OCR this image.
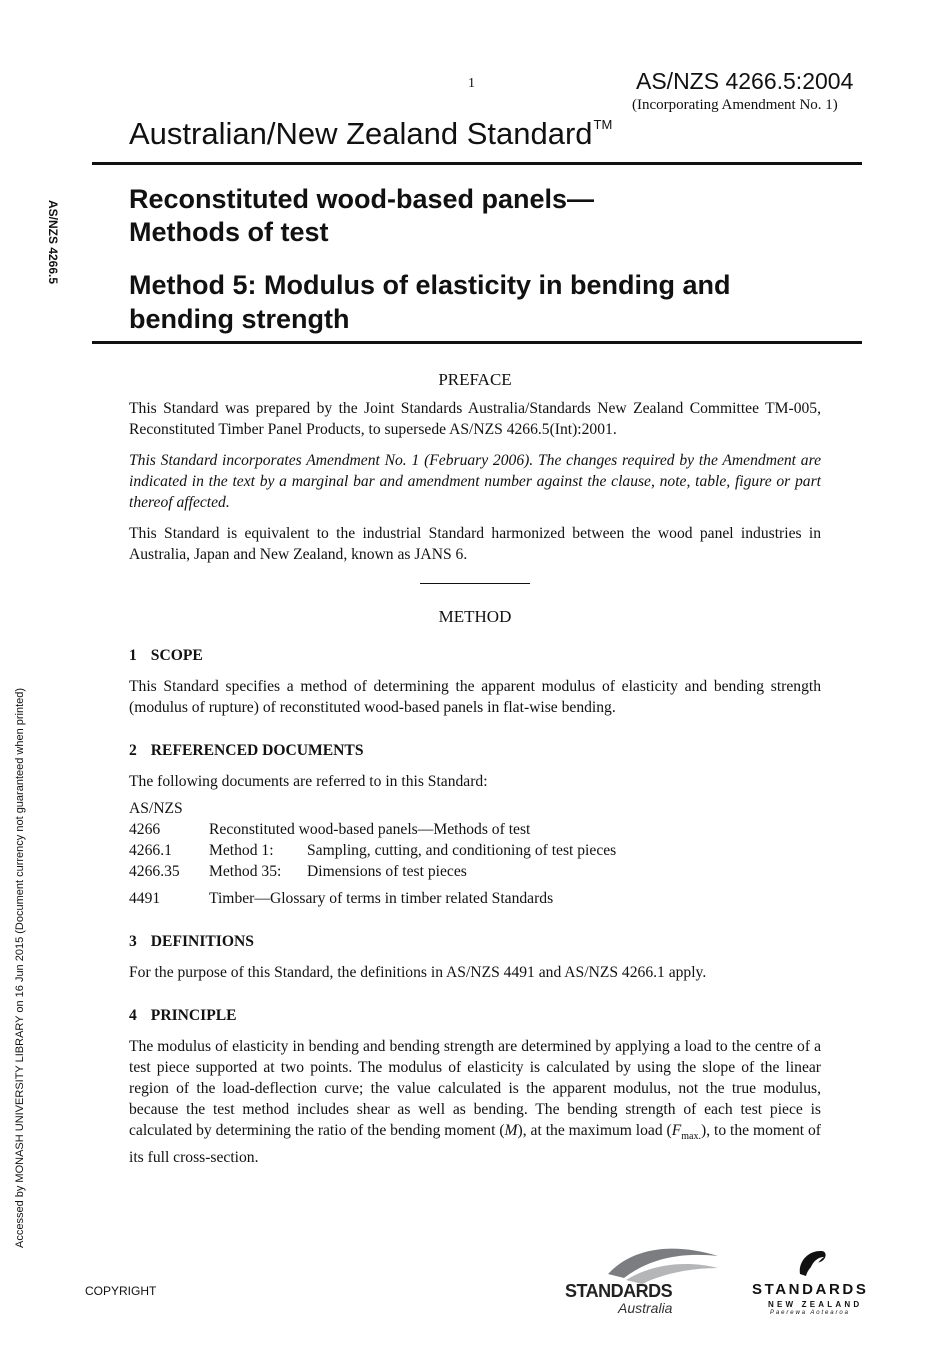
1	AS/NZS 4266.5:2004
(Incorporating Amendment No. 1)
Australian/New Zealand Standard™
AS/NZS 4266.5
Reconstituted wood-based panels—
Methods of test
Method 5: Modulus of elasticity in bending and
bending strength
Accessed by MONASH UNIVERSITY LIBRARY on 16 Jun 2015 (Document currency not guaranteed when printed)
PREFACE

This Standard was prepared by the Joint Standards Australia/Standards New Zealand Committee TM-005, Reconstituted Timber Panel Products, to supersede AS/NZS 4266.5(Int):2001.

This Standard incorporates Amendment No. 1 (February 2006). The changes required by the Amendment are indicated in the text by a marginal bar and amendment number against the clause, note, table, figure or part thereof affected.

This Standard is equivalent to the industrial Standard harmonized between the wood panel industries in Australia, Japan and New Zealand, known as JANS 6.

METHOD
1 SCOPE

This Standard specifies a method of determining the apparent modulus of elasticity and bending strength (modulus of rupture) of reconstituted wood-based panels in flat-wise bending.

2 REFERENCED DOCUMENTS

The following documents are referred to in this Standard:

AS/NZS
4266	Reconstituted wood-based panels—Methods of test
4266.1	Method 1:	Sampling, cutting, and conditioning of test pieces
4266.35	Method 35:	Dimensions of test pieces
4491	Timber—Glossary of terms in timber related Standards
3 DEFINITIONS

For the purpose of this Standard, the definitions in AS/NZS 4491 and AS/NZS 4266.1 apply.

4 PRINCIPLE

The modulus of elasticity in bending and bending strength are determined by applying a load to the centre of a test piece supported at two points. The modulus of elasticity is calculated by using the slope of the linear region of the load-deflection curve; the value calculated is the apparent modulus, not the true modulus, because the test method includes shear as well as bending. The bending strength of each test piece is calculated by determining the ratio of the bending moment (M), at the maximum load $(F_{max.})$, to the moment of its full cross-section.

COPYRIGHT	STANDARDS
Australia
STANDARDS
NEW ZEALAND
Paerewa Aotearoa
